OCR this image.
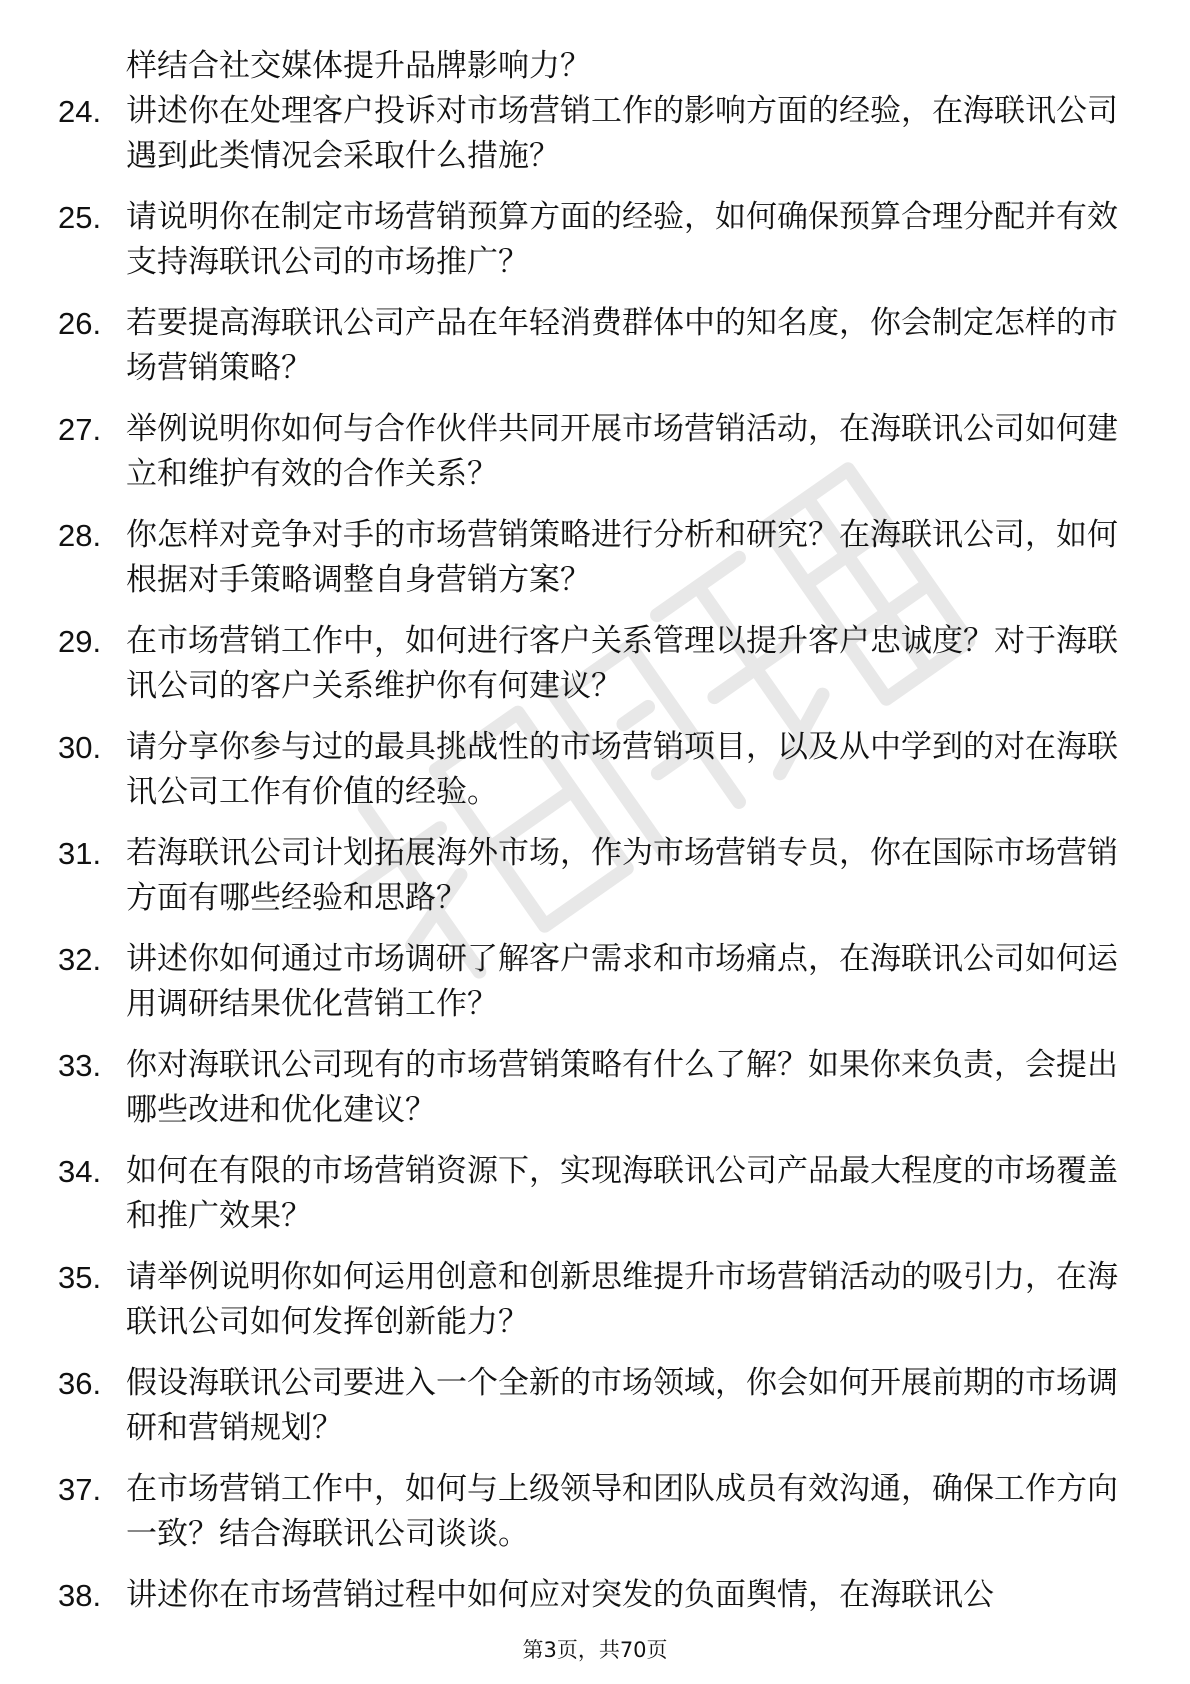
样结合社交媒体提升品牌影响力？
24. 讲述你在处理客户投诉对市场营销工作的影响方面的经验，在海联讯公司遇到此类情况会采取什么措施？
25. 请说明你在制定市场营销预算方面的经验，如何确保预算合理分配并有效支持海联讯公司的市场推广？
26. 若要提高海联讯公司产品在年轻消费群体中的知名度，你会制定怎样的市场营销策略？
27. 举例说明你如何与合作伙伴共同开展市场营销活动，在海联讯公司如何建立和维护有效的合作关系？
28. 你怎样对竞争对手的市场营销策略进行分析和研究？在海联讯公司，如何根据对手策略调整自身营销方案？
29. 在市场营销工作中，如何进行客户关系管理以提升客户忠诚度？对于海联讯公司的客户关系维护你有何建议？
30. 请分享你参与过的最具挑战性的市场营销项目，以及从中学到的对在海联讯公司工作有价值的经验。
31. 若海联讯公司计划拓展海外市场，作为市场营销专员，你在国际市场营销方面有哪些经验和思路？
32. 讲述你如何通过市场调研了解客户需求和市场痛点，在海联讯公司如何运用调研结果优化营销工作？
33. 你对海联讯公司现有的市场营销策略有什么了解？如果你来负责，会提出哪些改进和优化建议？
34. 如何在有限的市场营销资源下，实现海联讯公司产品最大程度的市场覆盖和推广效果？
35. 请举例说明你如何运用创意和创新思维提升市场营销活动的吸引力，在海联讯公司如何发挥创新能力？
36. 假设海联讯公司要进入一个全新的市场领域，你会如何开展前期的市场调研和营销规划？
37. 在市场营销工作中，如何与上级领导和团队成员有效沟通，确保工作方向一致？结合海联讯公司谈谈。
38. 讲述你在市场营销过程中如何应对突发的负面舆情，在海联讯公
第3页，共70页
